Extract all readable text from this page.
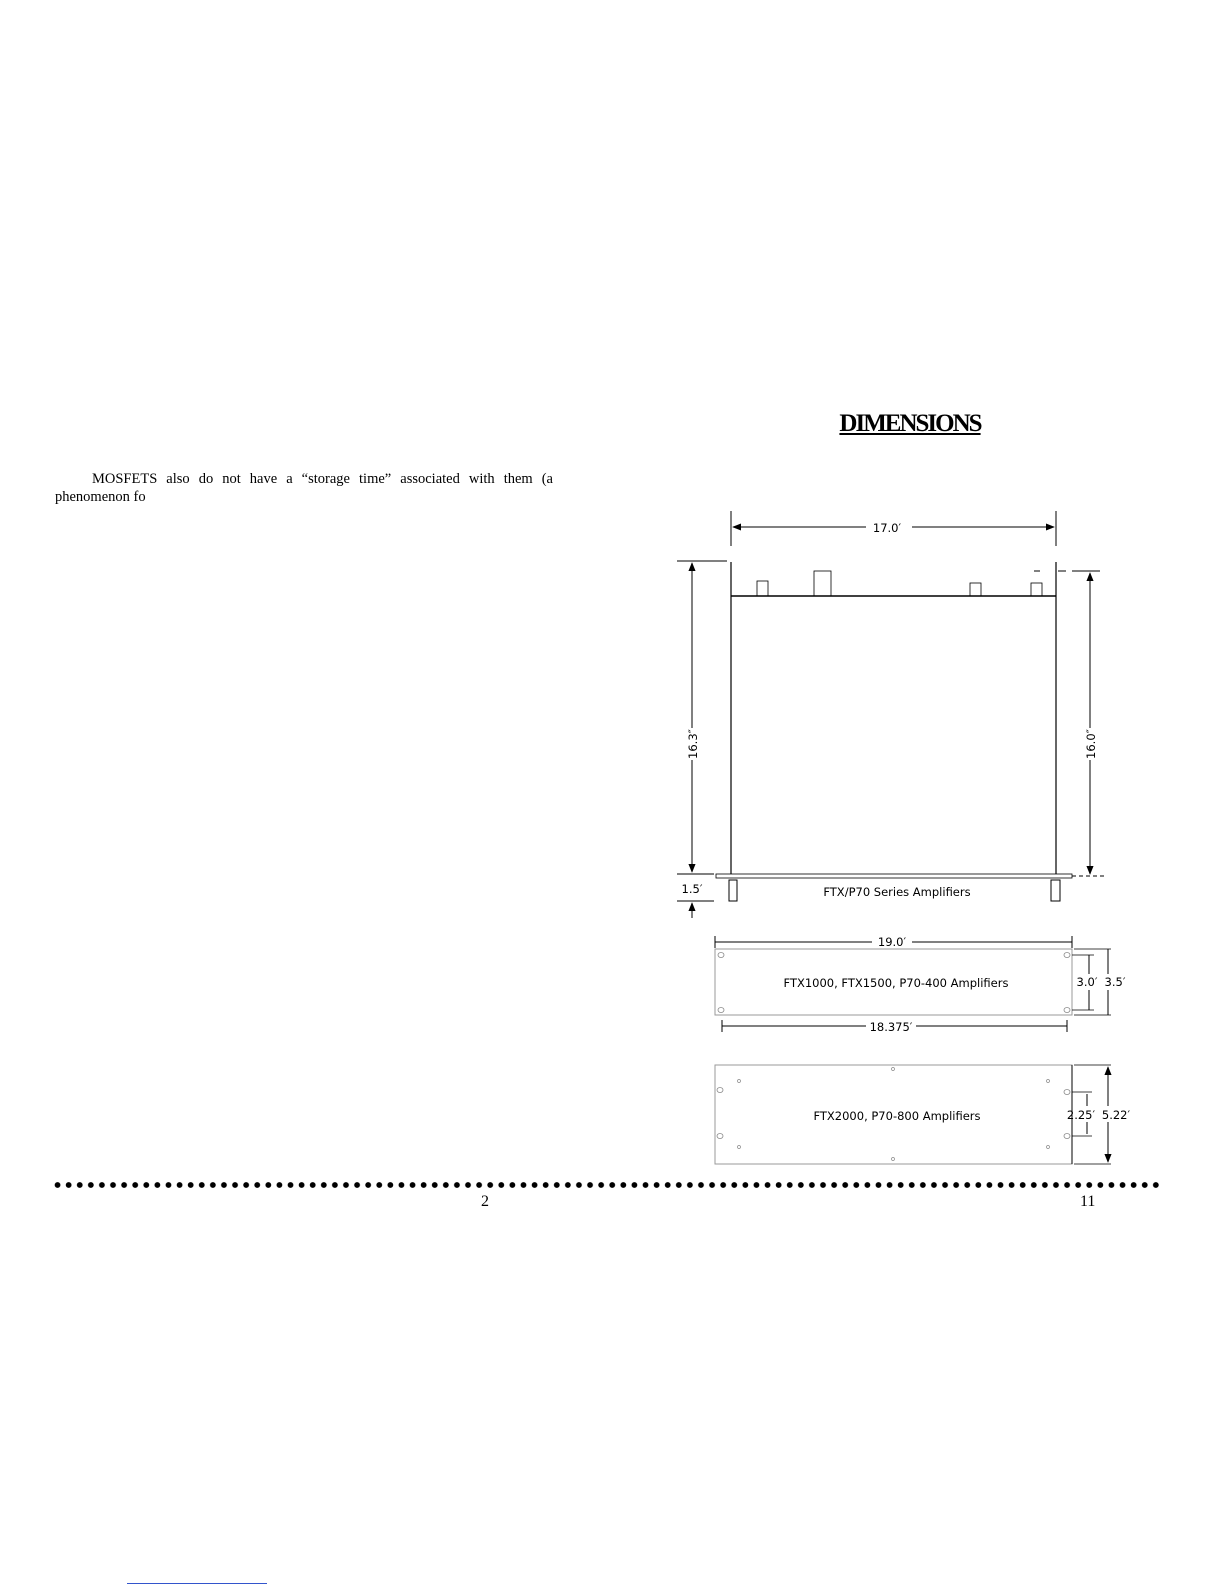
MOSFETS also do not have a “storage time” associated with them (a
phenomenon fo

DIMENSIONS
17.0′
16.3″	16.0″
1.5′	FTX/P70 Series Amplifiers
19.0′
FTX1000, FTX1500, P70-400 Amplifiers
18.375′
3.0′ 3.5′
FTX2000, P70-800 Amplifiers	2.25′ 5.22′
2	11
